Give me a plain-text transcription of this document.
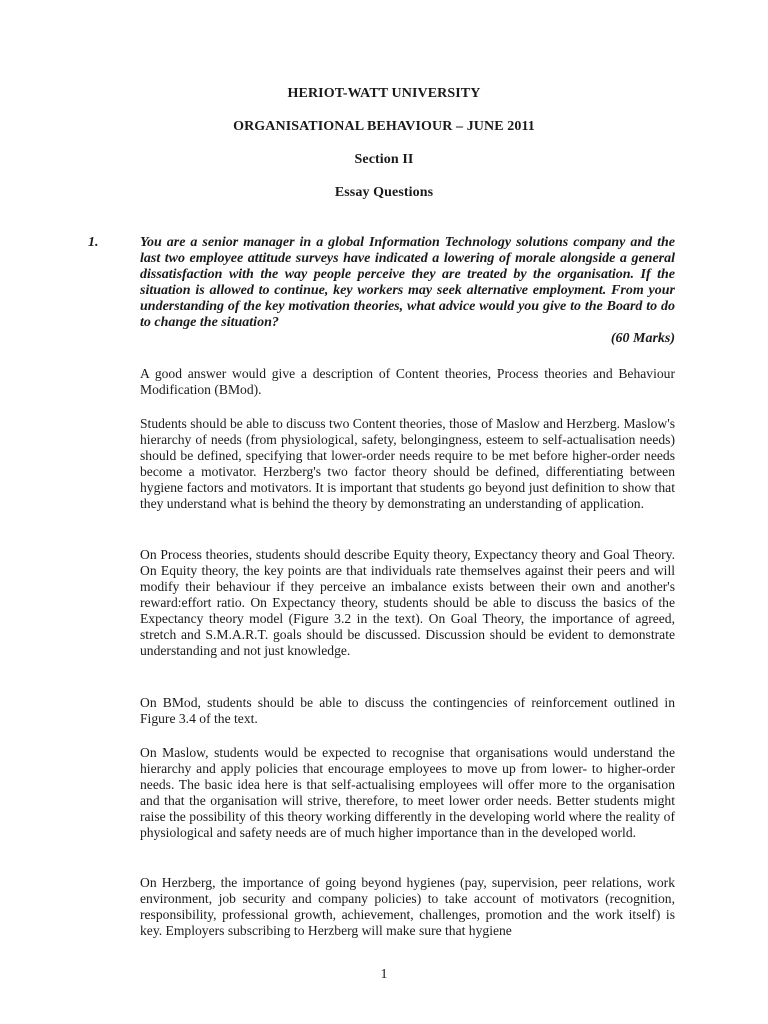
HERIOT-WATT UNIVERSITY
ORGANISATIONAL BEHAVIOUR – JUNE 2011
Section II
Essay Questions
1.	You are a senior manager in a global Information Technology solutions company and the last two employee attitude surveys have indicated a lowering of morale alongside a general dissatisfaction with the way people perceive they are treated by the organisation. If the situation is allowed to continue, key workers may seek alternative employment. From your understanding of the key motivation theories, what advice would you give to the Board to do to change the situation?

(60 Marks)

A good answer would give a description of Content theories, Process theories and Behaviour Modification (BMod).

Students should be able to discuss two Content theories, those of Maslow and Herzberg. Maslow's hierarchy of needs (from physiological, safety, belongingness, esteem to self-actualisation needs) should be defined, specifying that lower-order needs require to be met before higher-order needs become a motivator. Herzberg's two factor theory should be defined, differentiating between hygiene factors and motivators. It is important that students go beyond just definition to show that they understand what is behind the theory by demonstrating an understanding of application.

On Process theories, students should describe Equity theory, Expectancy theory and Goal Theory. On Equity theory, the key points are that individuals rate themselves against their peers and will modify their behaviour if they perceive an imbalance exists between their own and another's reward:effort ratio. On Expectancy theory, students should be able to discuss the basics of the Expectancy theory model (Figure 3.2 in the text). On Goal Theory, the importance of agreed, stretch and S.M.A.R.T. goals should be discussed. Discussion should be evident to demonstrate understanding and not just knowledge.

On BMod, students should be able to discuss the contingencies of reinforcement outlined in Figure 3.4 of the text.

On Maslow, students would be expected to recognise that organisations would understand the hierarchy and apply policies that encourage employees to move up from lower- to higher-order needs. The basic idea here is that self-actualising employees will offer more to the organisation and that the organisation will strive, therefore, to meet lower order needs. Better students might raise the possibility of this theory working differently in the developing world where the reality of physiological and safety needs are of much higher importance than in the developed world.

On Herzberg, the importance of going beyond hygienes (pay, supervision, peer relations, work environment, job security and company policies) to take account of motivators (recognition, responsibility, professional growth, achievement, challenges, promotion and the work itself) is key. Employers subscribing to Herzberg will make sure that hygiene

1
